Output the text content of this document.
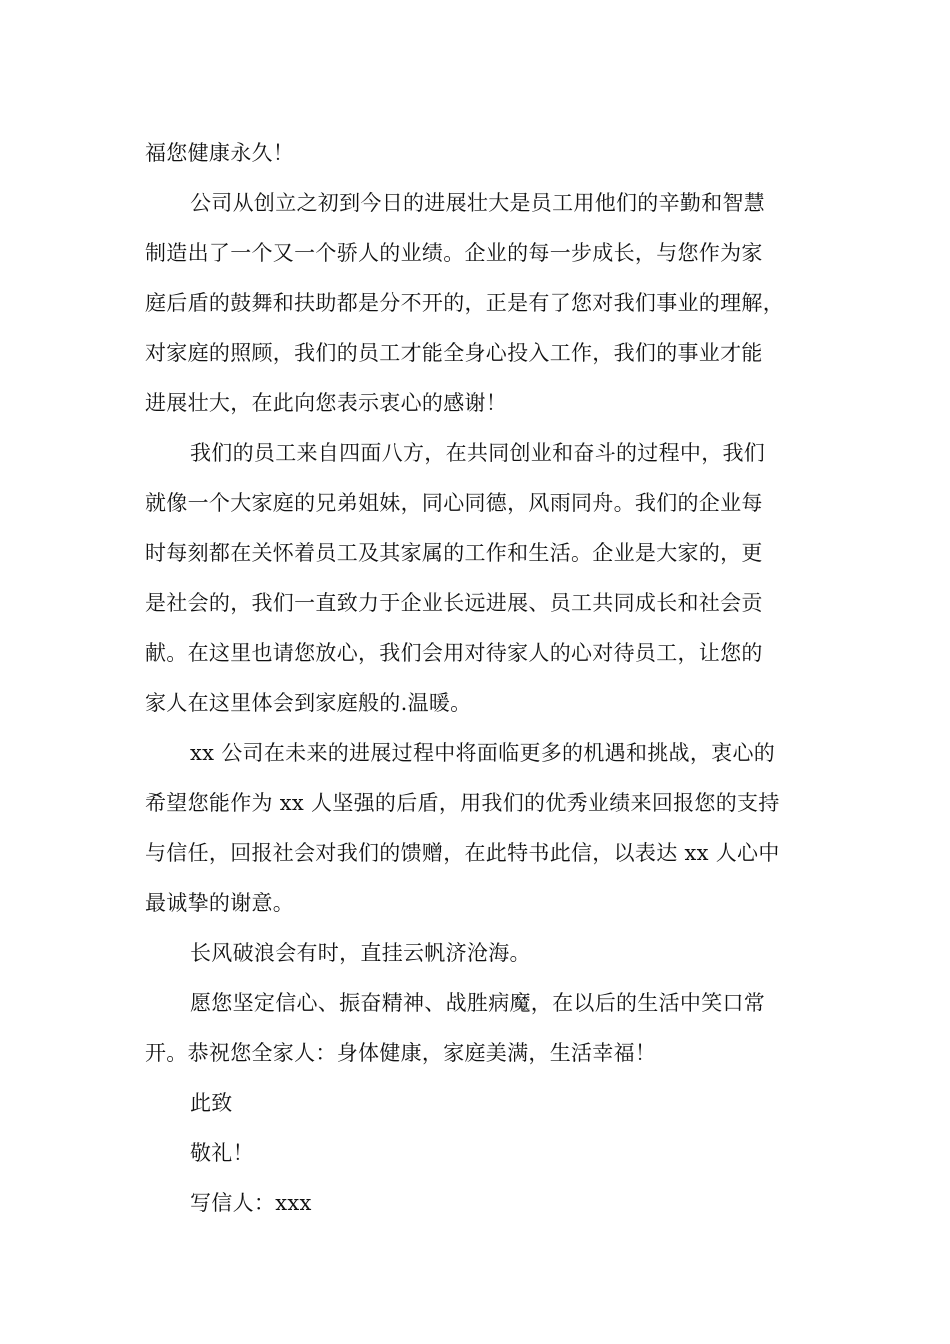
福您健康永久！
公司从创立之初到今日的进展壮大是员工用他们的辛勤和智慧
制造出了一个又一个骄人的业绩。企业的每一步成长，与您作为家
庭后盾的鼓舞和扶助都是分不开的，正是有了您对我们事业的理解，
对家庭的照顾，我们的员工才能全身心投入工作，我们的事业才能
进展壮大，在此向您表示衷心的感谢！
我们的员工来自四面八方，在共同创业和奋斗的过程中，我们
就像一个大家庭的兄弟姐妹，同心同德，风雨同舟。我们的企业每
时每刻都在关怀着员工及其家属的工作和生活。企业是大家的，更
是社会的，我们一直致力于企业长远进展、员工共同成长和社会贡
献。在这里也请您放心，我们会用对待家人的心对待员工，让您的
家人在这里体会到家庭般的.温暖。
xx 公司在未来的进展过程中将面临更多的机遇和挑战，衷心的
希望您能作为 xx 人坚强的后盾，用我们的优秀业绩来回报您的支持
与信任，回报社会对我们的馈赠，在此特书此信，以表达 xx 人心中
最诚挚的谢意。
长风破浪会有时，直挂云帆济沧海。
愿您坚定信心、振奋精神、战胜病魔，在以后的生活中笑口常
开。恭祝您全家人：身体健康，家庭美满，生活幸福！
此致
敬礼！
写信人：xxx
